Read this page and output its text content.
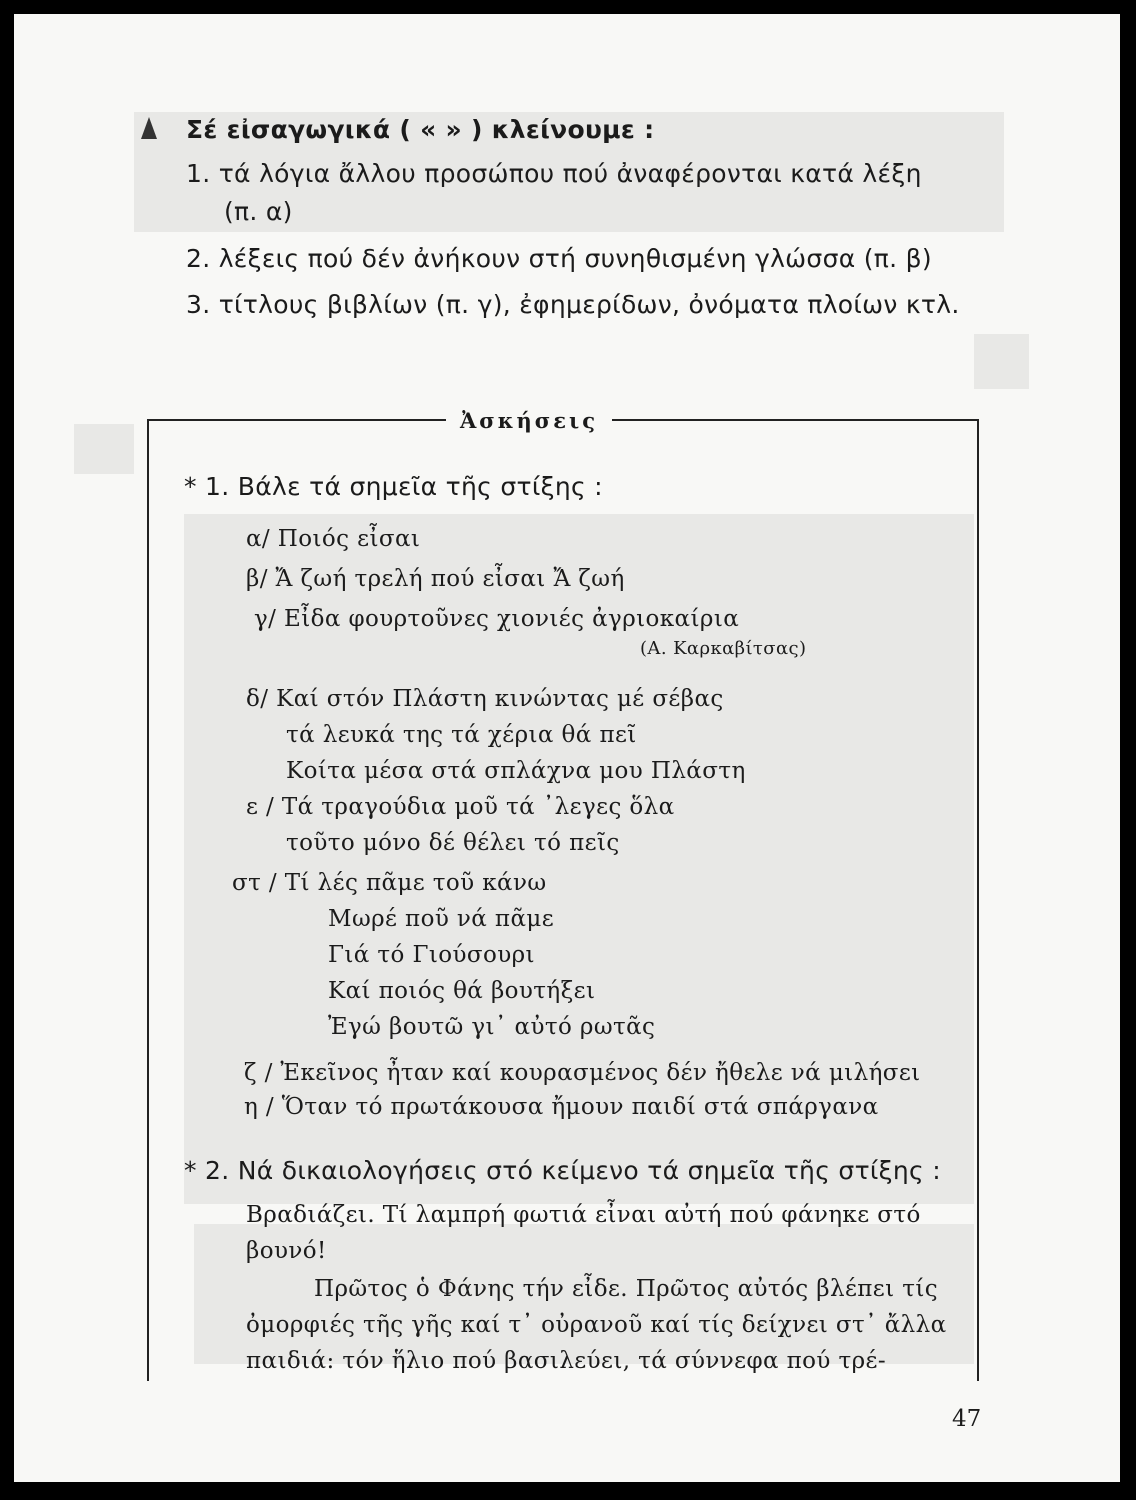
Σέ εἰσαγωγικά ( « » ) κλείνουμε :
1. τά λόγια ἄλλου προσώπου πού ἀναφέρονται κατά λέξη
(π. α)
2. λέξεις πού δέν ἀνήκουν στή συνηθισμένη γλώσσα (π. β)
3. τίτλους βιβλίων (π. γ), ἐφημερίδων, ὀνόματα πλοίων κτλ.
Ἀσκήσεις
* 1. Βάλε τά σημεῖα τῆς στίξης :
α/ Ποιός εἶσαι
β/ Ἄ ζωή τρελή πού εἶσαι Ἄ ζωή
γ/ Εἶδα φουρτοῦνες χιονιές ἀγριοκαίρια
(Α. Καρκαβίτσας)
δ/ Καί στόν Πλάστη κινώντας μέ σέβας
τά λευκά της τά χέρια θά πεῖ
Κοίτα μέσα στά σπλάχνα μου Πλάστη
ε / Τά τραγούδια μοῦ τά ᾽λεγες ὅλα
τοῦτο μόνο δέ θέλει τό πεῖς
στ / Τί λές πᾶμε τοῦ κάνω
Μωρέ ποῦ νά πᾶμε
Γιά τό Γιούσουρι
Καί ποιός θά βουτήξει
Ἐγώ βουτῶ γι᾽ αὐτό ρωτᾶς
ζ / Ἐκεῖνος ἦταν καί κουρασμένος δέν ἤθελε νά μιλήσει
η / Ὅταν τό πρωτάκουσα ἤμουν παιδί στά σπάργανα
* 2. Νά δικαιολογήσεις στό κείμενο τά σημεῖα τῆς στίξης :
Βραδιάζει. Τί λαμπρή φωτιά εἶναι αὐτή πού φάνηκε στό
βουνό!
Πρῶτος ὁ Φάνης τήν εἶδε. Πρῶτος αὐτός βλέπει τίς
ὀμορφιές τῆς γῆς καί τ᾽ οὐρανοῦ καί τίς δείχνει στ᾽ ἄλλα
παιδιά: τόν ἥλιο πού βασιλεύει, τά σύννεφα πού τρέ-
47
